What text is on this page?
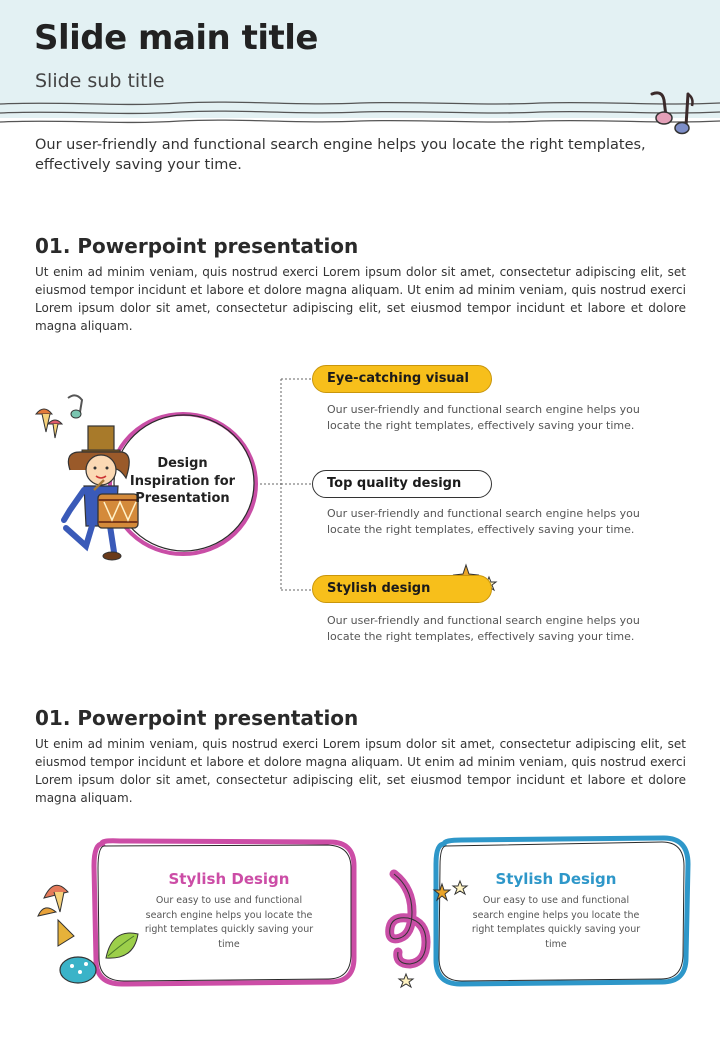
Slide main title

Slide sub title

Our user-friendly and functional search engine helps you locate the right templates, effectively saving your time.

01. Powerpoint presentation

Ut enim ad minim veniam, quis nostrud exerci Lorem ipsum dolor sit amet, consectetur adipiscing elit, set eiusmod tempor incidunt et labore et dolore magna aliquam. Ut enim ad minim veniam, quis nostrud exerci Lorem ipsum dolor sit amet, consectetur adipiscing elit, set eiusmod tempor incidunt et labore et dolore magna aliquam.

Design
Inspiration for
Presentation
Eye-catching visual
Our user-friendly and functional search engine helps you
locate the right templates, effectively saving your time.
Top quality design
Our user-friendly and functional search engine helps you
locate the right templates, effectively saving your time.
Stylish design
Our user-friendly and functional search engine helps you
locate the right templates, effectively saving your time.
01. Powerpoint presentation

Ut enim ad minim veniam, quis nostrud exerci Lorem ipsum dolor sit amet, consectetur adipiscing elit, set eiusmod tempor incidunt et labore et dolore magna aliquam. Ut enim ad minim veniam, quis nostrud exerci Lorem ipsum dolor sit amet, consectetur adipiscing elit, set eiusmod tempor incidunt et labore et dolore magna aliquam.

Stylish Design

Our easy to use and functional
search engine helps you locate the
right templates quickly saving your
time

Stylish Design

Our easy to use and functional
search engine helps you locate the
right templates quickly saving your
time
